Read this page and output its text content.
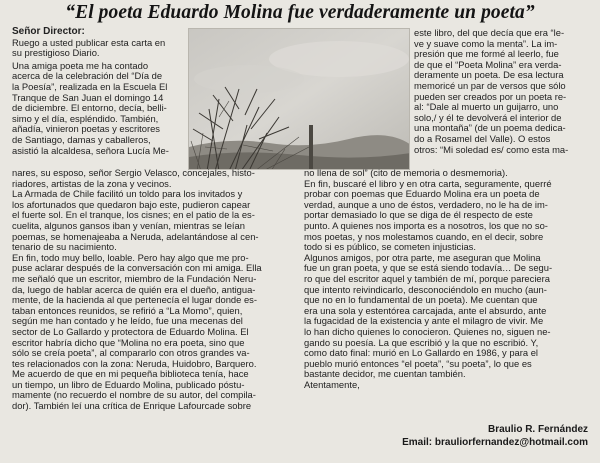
“El poeta Eduardo Molina fue verdaderamente un poeta”

Señor Director:

Ruego a usted publicar esta carta en

su prestigioso Diario.

Una amiga poeta me ha contado

acerca de la celebración del “Día de

la Poesía”, realizada en la Escuela El

Tranque de San Juan el domingo 14

de diciembre. El entorno, decía, belli-

simo y el día, espléndido. También,

añadía, vinieron poetas y escritores

de Santiago, damas y caballeros,

asistió la alcaldesa, señora Lucía Me-

nares, su esposo, señor Sergio Velasco, concejales, histo-

riadores, artistas de la zona y vecinos.

La Armada de Chile facilitó un toldo para los invitados y

los afortunados que quedaron bajo este, pudieron capear

el fuerte sol. En el tranque, los cisnes; en el patio de la es-

cuelita, algunos gansos iban y venían, mientras se leían

poemas, se homenajeaba a Neruda, adelantándose al cen-

tenario de su nacimiento.

En fin, todo muy bello, loable. Pero hay algo que me pro-

puse aclarar después de la conversación con mi amiga. Ella

me señaló que un escritor, miembro de la Fundación Neru-

da, luego de hablar acerca de quién era el dueño, antigua-

mente, de la hacienda al que pertenecía el lugar donde es-

taban entonces reunidos, se refirió a “La Momo”, quien,

según me han contado y he leído, fue una mecenas del

sector de Lo Gallardo y protectora de Eduardo Molina. El

escritor habría dicho que “Molina no era poeta, sino que

sólo se creía poeta”, al compararlo con otros grandes va-

tes relacionados con la zona: Neruda, Huidobro, Barquero.

Me acuerdo de que en mi pequeña biblioteca tenía, hace

un tiempo, un libro de Eduardo Molina, publicado póstu-

mamente (no recuerdo el nombre de su autor, del compila-

dor). También leí una crítica de Enrique Lafourcade sobre

este libro, del que decía que era “le-

ve y suave como la menta”. La im-

presión que me formé al leerlo, fue

de que el “Poeta Molina” era verda-

deramente un poeta. De esa lectura

memoricé un par de versos que sólo

pueden ser creados por un poeta re-

al: “Dale al muerto un guijarro, uno

solo,/ y él te devolverá el interior de

una montaña” (de un poema dedica-

do a Rosamel del Valle). O estos

otros: “Mi soledad es/ como esta ma-

no llena de sol” (cito de memoria o desmemoria).

En fin, buscaré el libro y en otra carta, seguramente, querré

probar con poemas que Eduardo Molina era un poeta de

verdad, aunque a uno de éstos, verdadero, no le ha de im-

portar demasiado lo que se diga de él respecto de este

punto. A quienes nos importa es a nosotros, los que no so-

mos poetas, y nos molestamos cuando, en el decir, sobre

todo si es público, se cometen injusticias.

Algunos amigos, por otra parte, me aseguran que Molina

fue un gran poeta, y que se está siendo todavía… De segu-

ro que del escritor aquel y también de mí, porque pareciera

que intento reivindicarlo, desconociéndolo en mucho (aun-

que no en lo fundamental de un poeta). Me cuentan que

era una sola y estentórea carcajada, ante el absurdo, ante

la fugacidad de la existencia y ante el milagro de vivir. Me

lo han dicho quienes lo conocieron. Quienes no, siguen ne-

gando su poesía. La que escribió y la que no escribió. Y,

como dato final: murió en Lo Gallardo en 1986, y para el

pueblo murió entonces “el poeta”, “su poeta”, lo que es

bastante decidor, me cuentan también.

Atentamente,

Braulio R. Fernández
Email: brauliorfernandez@hotmail.com
